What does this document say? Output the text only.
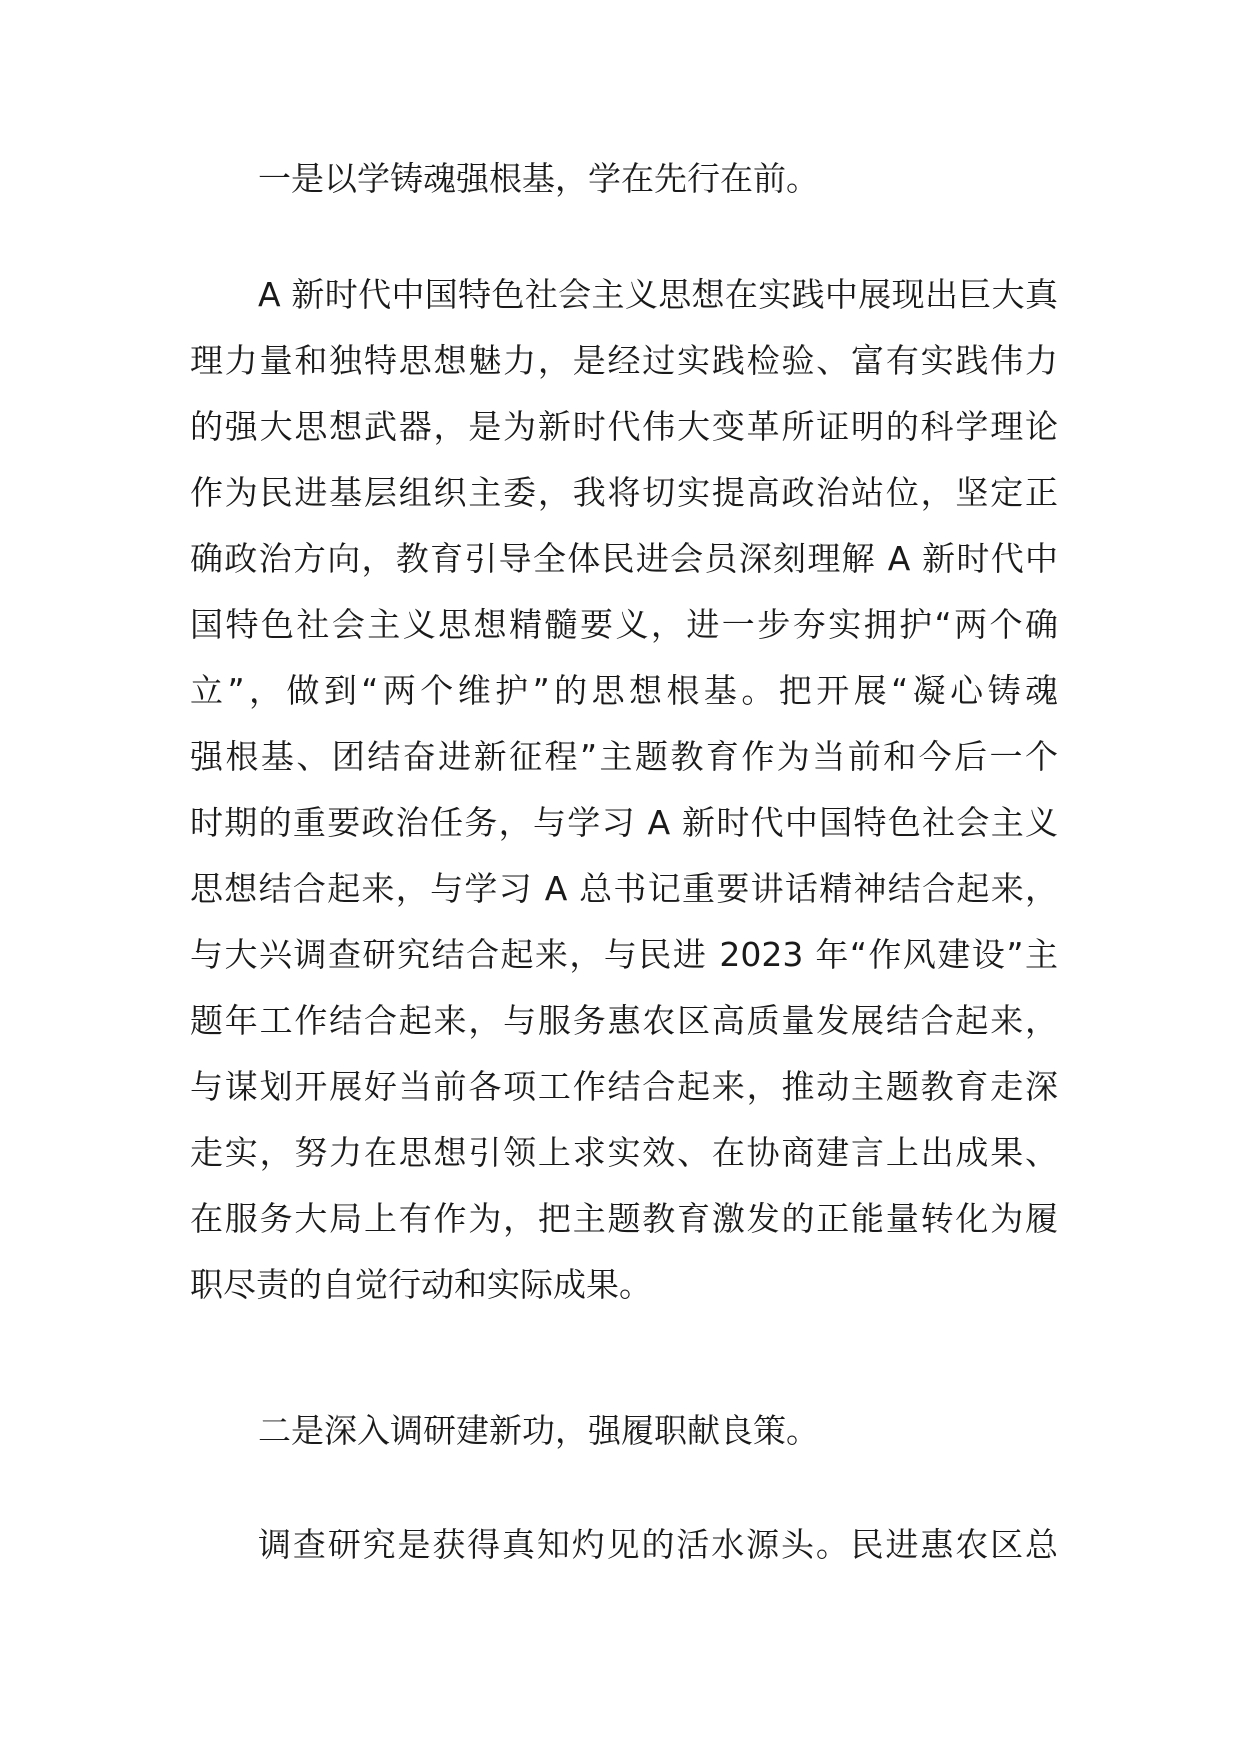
一是以学铸魂强根基，学在先行在前。

A 新时代中国特色社会主义思想在实践中展现出巨大真
理力量和独特思想魅力，是经过实践检验、富有实践伟力
的强大思想武器，是为新时代伟大变革所证明的科学理论
作为民进基层组织主委，我将切实提高政治站位，坚定正
确政治方向，教育引导全体民进会员深刻理解 A 新时代中
国特色社会主义思想精髓要义，进一步夯实拥护“两个确
立”，做到“两个维护”的思想根基。把开展“凝心铸魂
强根基、团结奋进新征程”主题教育作为当前和今后一个
时期的重要政治任务，与学习 A 新时代中国特色社会主义
思想结合起来，与学习 A 总书记重要讲话精神结合起来，
与大兴调查研究结合起来，与民进 2023 年“作风建设”主
题年工作结合起来，与服务惠农区高质量发展结合起来，
与谋划开展好当前各项工作结合起来，推动主题教育走深
走实，努力在思想引领上求实效、在协商建言上出成果、
在服务大局上有作为，把主题教育激发的正能量转化为履
职尽责的自觉行动和实际成果。

二是深入调研建新功，强履职献良策。

调查研究是获得真知灼见的活水源头。民进惠农区总
